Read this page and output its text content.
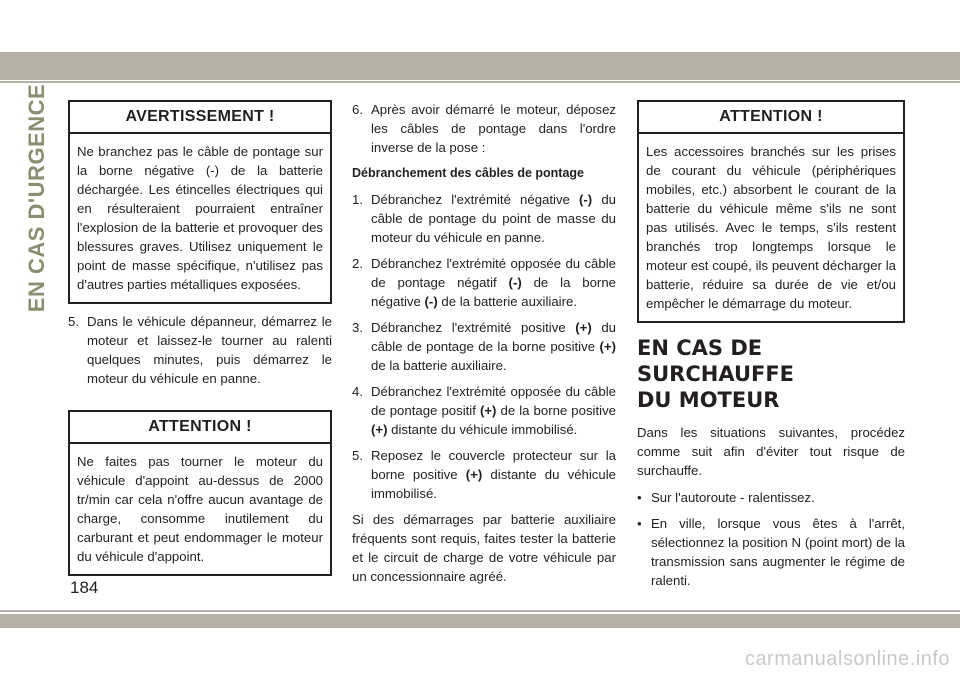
EN CAS D'URGENCE	AVERTISSEMENT !
Ne branchez pas le câble de pontage sur la borne négative (-) de la batterie déchargée. Les étincelles électriques qui en résulteraient pourraient entraîner l'explosion de la batterie et provoquer des blessures graves. Utilisez uniquement le point de masse spécifique, n'utilisez pas d'autres parties métalliques exposées.
5. Dans le véhicule dépanneur, démarrez le moteur et laissez-le tourner au ralenti quelques minutes, puis démarrez le moteur du véhicule en panne.
ATTENTION !
Ne faites pas tourner le moteur du véhicule d'appoint au-dessus de 2000 tr/min car cela n'offre aucun avantage de charge, consomme inutilement du carburant et peut endommager le moteur du véhicule d'appoint.
6. Après avoir démarré le moteur, déposez les câbles de pontage dans l'ordre inverse de la pose :
Débranchement des câbles de pontage
1. Débranchez l'extrémité négative (-) du câble de pontage du point de masse du moteur du véhicule en panne.
2. Débranchez l'extrémité opposée du câble de pontage négatif (-) de la borne négative (-) de la batterie auxiliaire.
3. Débranchez l'extrémité positive (+) du câble de pontage de la borne positive (+) de la batterie auxiliaire.
4. Débranchez l'extrémité opposée du câble de pontage positif (+) de la borne positive (+) distante du véhicule immobilisé.
5. Reposez le couvercle protecteur sur la borne positive (+) distante du véhicule immobilisé.
Si des démarrages par batterie auxiliaire fréquents sont requis, faites tester la batterie et le circuit de charge de votre véhicule par un concessionnaire agréé.
ATTENTION !
Les accessoires branchés sur les prises de courant du véhicule (périphériques mobiles, etc.) absorbent le courant de la batterie du véhicule même s'ils ne sont pas utilisés. Avec le temps, s'ils restent branchés trop longtemps lorsque le moteur est coupé, ils peuvent décharger la batterie, réduire sa durée de vie et/ou empêcher le démarrage du moteur.
EN CAS DE SURCHAUFFE
DU MOTEUR
Dans les situations suivantes, procédez comme suit afin d'éviter tout risque de surchauffe.
• Sur l'autoroute - ralentissez.
• En ville, lorsque vous êtes à l'arrêt, sélectionnez la position N (point mort) de la transmission sans augmenter le régime de ralenti.
184
carmanualsonline.info
